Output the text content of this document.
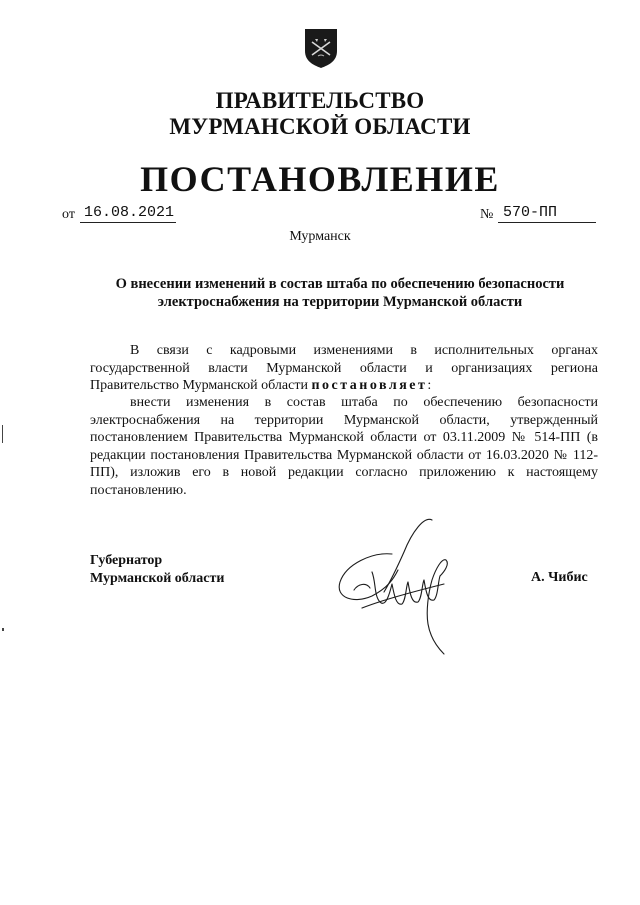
ПРАВИТЕЛЬСТВО
МУРМАНСКОЙ ОБЛАСТИ
ПОСТАНОВЛЕНИЕ
от 16.08.2021	№ 570-ПП
Мурманск
О внесении изменений в состав штаба по обеспечению безопасности
электроснабжения на территории Мурманской области
В связи с кадровыми изменениями в исполнительных органах государственной власти Мурманской области и организациях региона Правительство Мурманской области постановляет:
внести изменения в состав штаба по обеспечению безопасности электроснабжения на территории Мурманской области, утвержденный постановлением Правительства Мурманской области от 03.11.2009 № 514-ПП (в редакции постановления Правительства Мурманской области от 16.03.2020 № 112-ПП), изложив его в новой редакции согласно приложению к настоящему постановлению.
Губернатор
Мурманской области	А. Чибис
